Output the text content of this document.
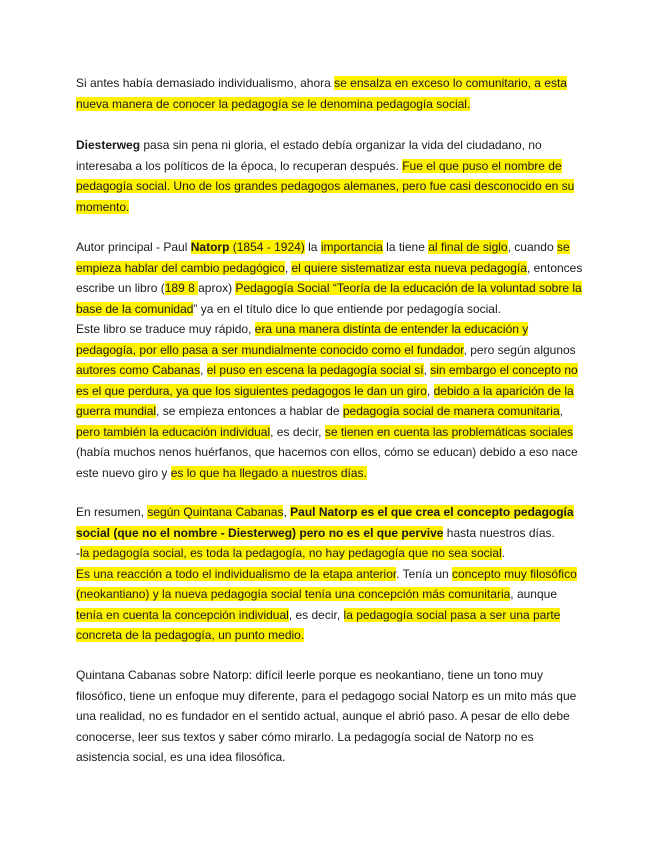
Si antes había demasiado individualismo, ahora se ensalza en exceso lo comunitario, a esta
nueva manera de conocer la pedagogía se le denomina pedagogía social.
Diesterweg pasa sin pena ni gloria, el estado debía organizar la vida del ciudadano, no
interesaba a los políticos de la época, lo recuperan después. Fue el que puso el nombre de
pedagogía social. Uno de los grandes pedagogos alemanes, pero fue casi desconocido en su
momento.
Autor principal - Paul Natorp (1854 - 1924) la importancia la tiene al final de siglo, cuando se
empieza hablar del cambio pedagógico, el quiere sistematizar esta nueva pedagogía, entonces
escribe un libro (189 8 aprox) Pedagogía Social “Teoría de la educación de la voluntad sobre la
base de la comunidad” ya en el título dice lo que entiende por pedagogía social.
Este libro se traduce muy rápido, era una manera distinta de entender la educación y
pedagogía, por ello pasa a ser mundialmente conocido como el fundador, pero según algunos
autores como Cabanas, el puso en escena la pedagogía social sí, sin embargo el concepto no
es el que perdura, ya que los siguientes pedagogos le dan un giro, debido a la aparición de la
guerra mundial, se empieza entonces a hablar de pedagogía social de manera comunitaria,
pero también la educación individual, es decir, se tienen en cuenta las problemáticas sociales
(había muchos nenos huérfanos, que hacemos con ellos, cómo se educan) debido a eso nace
este nuevo giro y es lo que ha llegado a nuestros días.
En resumen, según Quintana Cabanas, Paul Natorp es el que crea el concepto pedagogía
social (que no el nombre - Diesterweg) pero no es el que pervive hasta nuestros días.
-la pedagogía social, es toda la pedagogía, no hay pedagogía que no sea social.
Es una reacción a todo el individualismo de la etapa anterior. Tenía un concepto muy filosófico
(neokantiano) y la nueva pedagogía social tenía una concepción más comunitaria, aunque
tenía en cuenta la concepción individual, es decir, la pedagogía social pasa a ser una parte
concreta de la pedagogía, un punto medio.
Quintana Cabanas sobre Natorp: difícil leerle porque es neokantiano, tiene un tono muy
filosófico, tiene un enfoque muy diferente, para el pedagogo social Natorp es un mito más que
una realidad, no es fundador en el sentido actual, aunque el abrió paso. A pesar de ello debe
conocerse, leer sus textos y saber cómo mirarlo. La pedagogía social de Natorp no es
asistencia social, es una idea filosófica.
